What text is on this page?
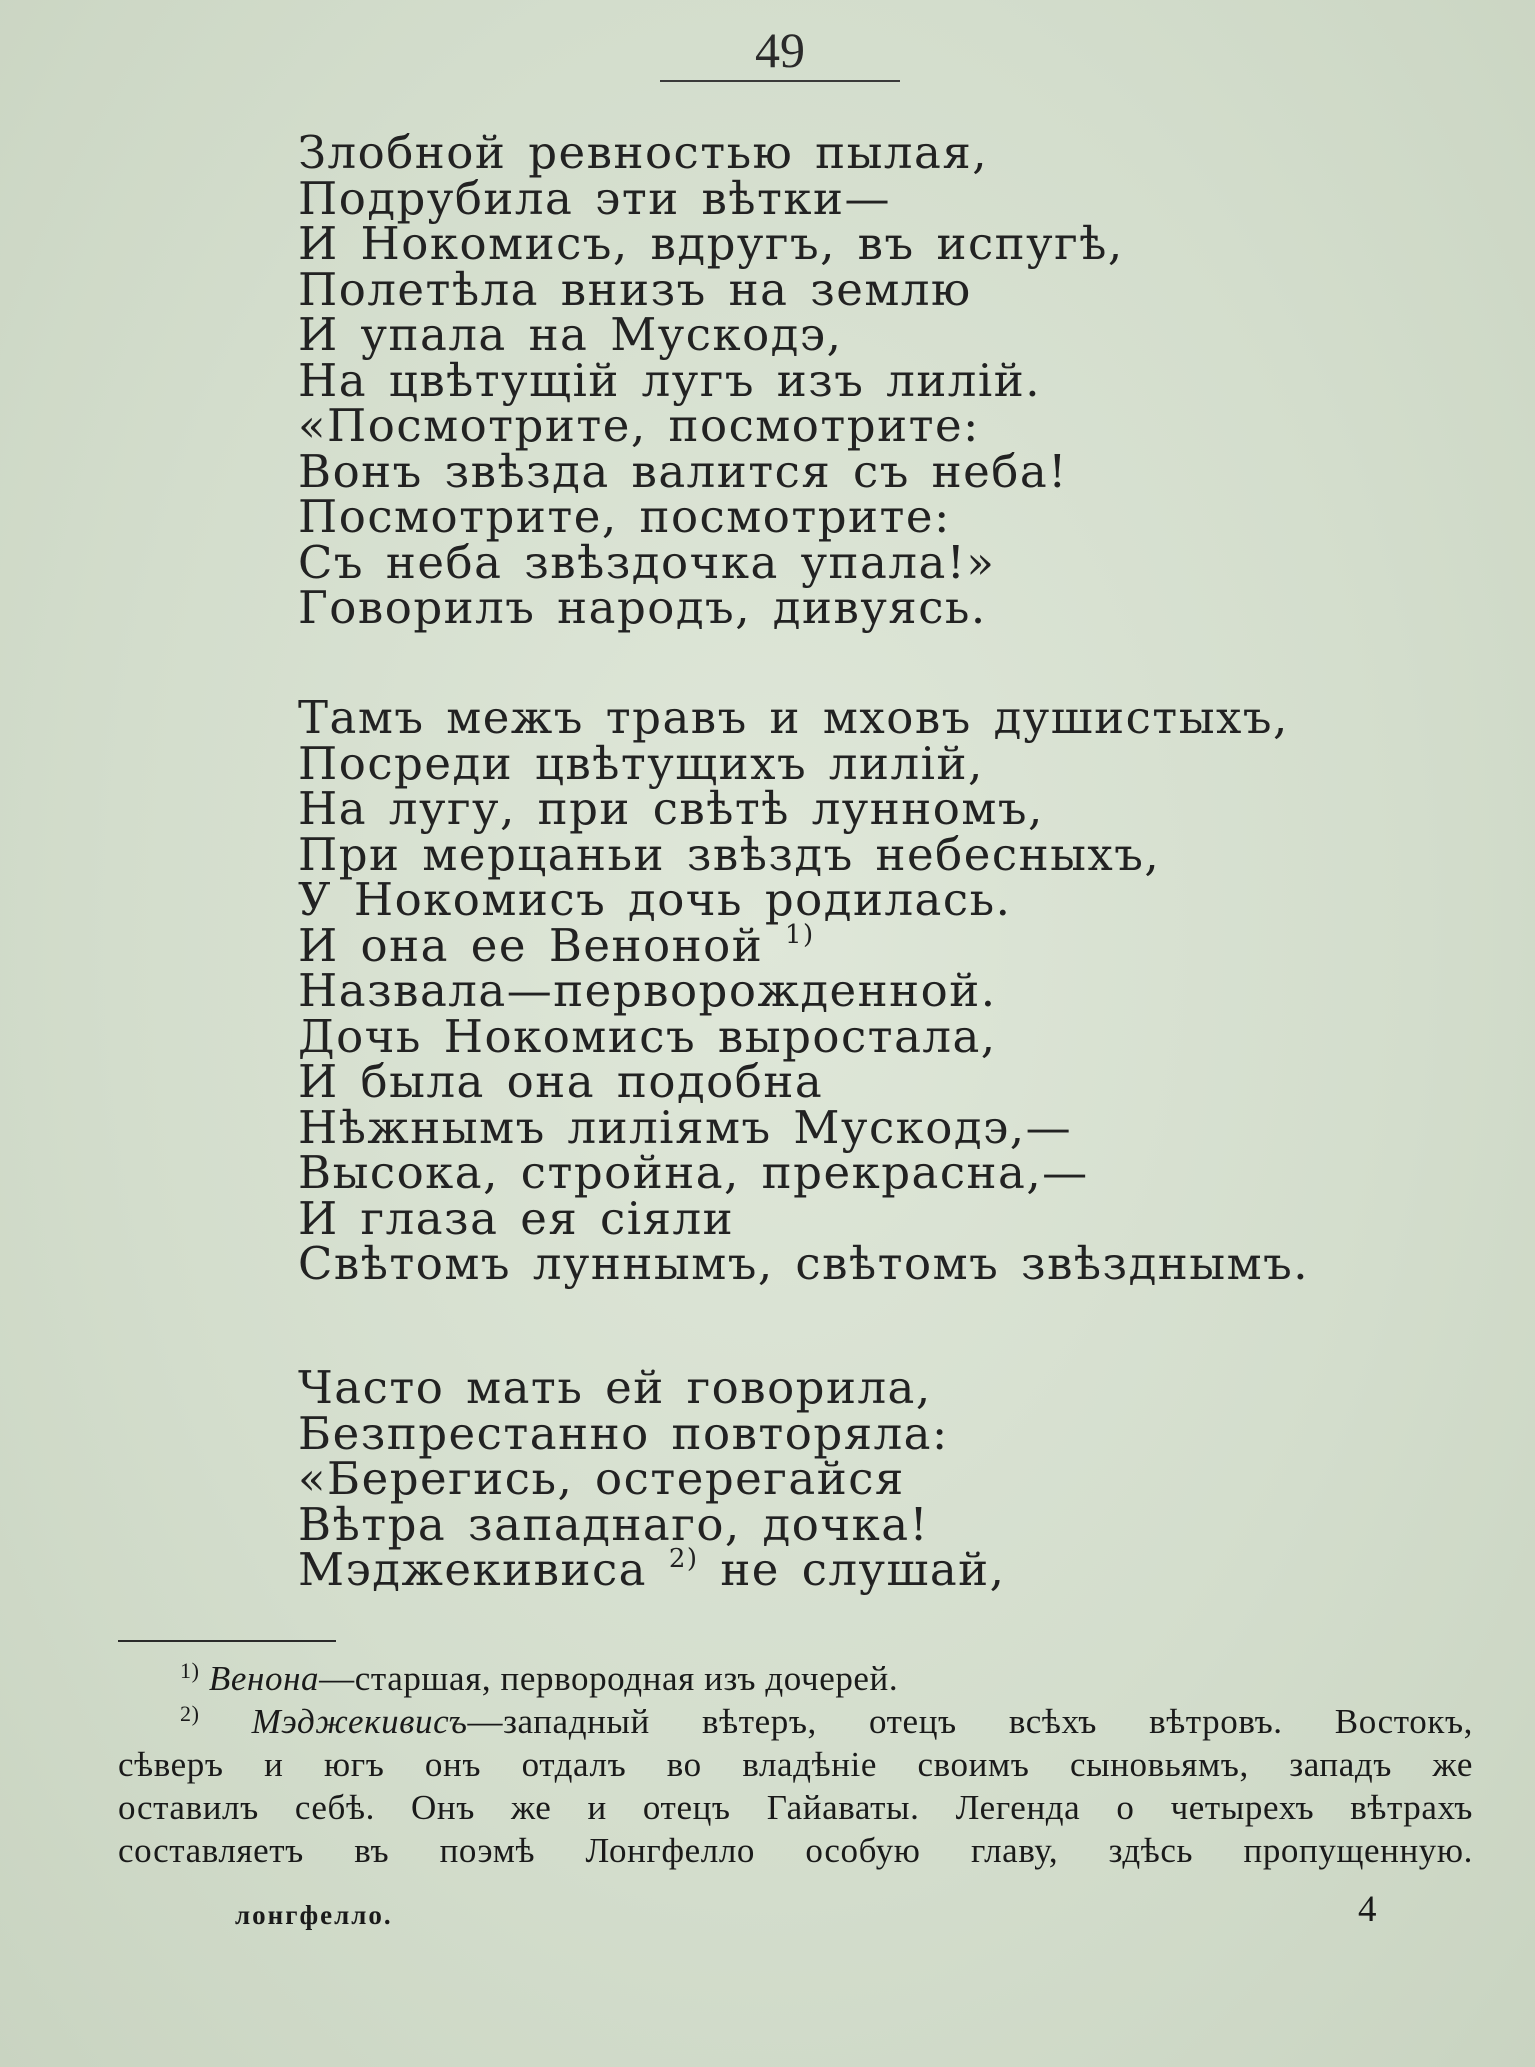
49
Злобной ревностью пылая,
Подрубила эти вѣтки—
И Нокомисъ, вдругъ, въ испугѣ,
Полетѣла внизъ на землю
И упала на Мускодэ,
На цвѣтущій лугъ изъ лилій.
«Посмотрите, посмотрите:
Вонъ звѣзда валится съ неба!
Посмотрите, посмотрите:
Съ неба звѣздочка упала!»
Говорилъ народъ, дивуясь.
Тамъ межъ травъ и мховъ душистыхъ,
Посреди цвѣтущихъ лилій,
На лугу, при свѣтѣ лунномъ,
При мерцаньи звѣздъ небесныхъ,
У Нокомисъ дочь родилась.
И она ее Веноной $^{1)}$
Назвала—перворожденной.
Дочь Нокомисъ выростала,
И была она подобна
Нѣжнымъ лиліямъ Мускодэ,—
Высока, стройна, прекрасна,—
И глаза ея сіяли
Свѣтомъ луннымъ, свѣтомъ звѣзднымъ.
Часто мать ей говорила,
Безпрестанно повторяла:
«Берегись, остерегайся
Вѣтра западнаго, дочка!
Мэджекивиса $^{2)}$ не слушай,
$^{1)}$ Венона—старшая, первородная изъ дочерей.
$^{2)}$ Мэджекивисъ—западный вѣтеръ, отецъ всѣхъ вѣтровъ. Востокъ,
сѣверъ и югъ онъ отдалъ во владѣніе своимъ сыновьямъ, западъ же
оставилъ себѣ. Онъ же и отецъ Гайаваты. Легенда о четырехъ вѣтрахъ
составляетъ въ поэмѣ Лонгфелло особую главу, здѣсь пропущенную.
лонгфелло.	4
